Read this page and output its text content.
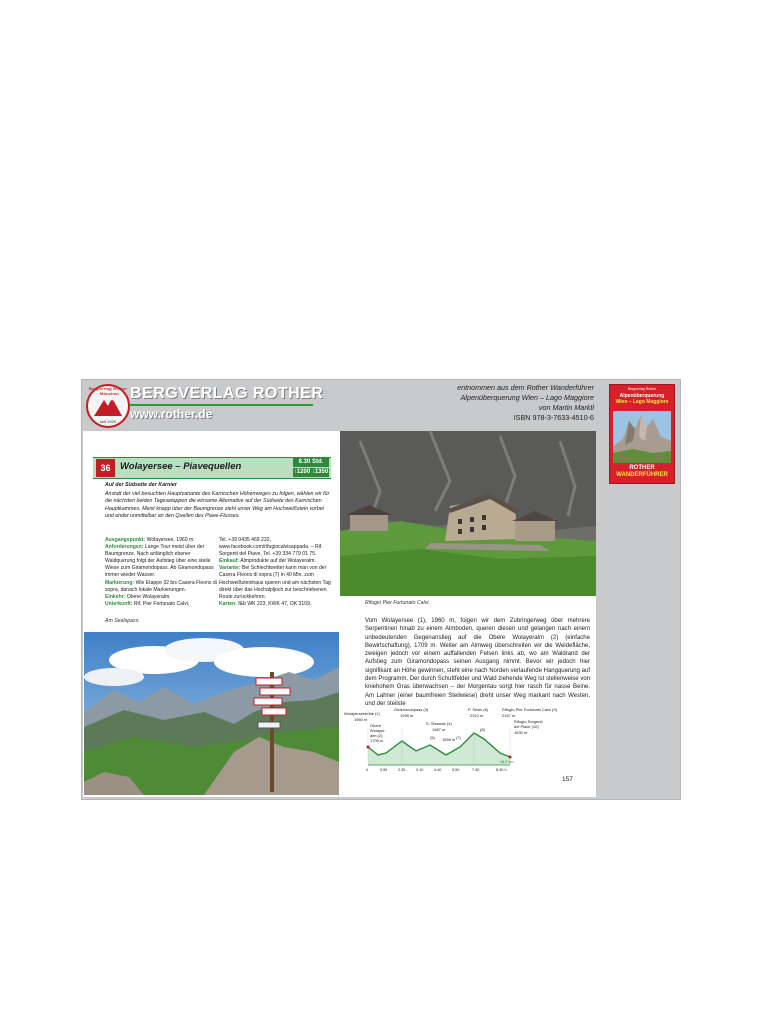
Bergverlag Rother · München
seit 1920
BERGVERLAG ROTHER
www.rother.de
entnommen aus dem Rother Wanderführer
Alpenüberquerung Wien – Lago Maggiore
von Martin Marktl
ISBN 978-3-7633-4510-6
Bergverlag Rother
Alpenüberquerung
Wien – Lago Maggiore
ROTHER
WANDERFÜHRER
36	Wolayersee – Piavequellen	8.30 Std.
↑1200 ↓1350
Auf der Südseite der Karnier
Anstatt der viel besuchten Hauptvariante des Karnischen Höhenweges zu folgen, wählen wir für die nächsten beiden Tagesetappen die einsame Alternative auf der Südseite des Karnischen Hauptkammes. Meist knapp über der Baumgrenze zieht unser Weg am Hochweißstein vorbei und endet unmittelbar an den Quellen des Piave-Flusses.
Ausgangspunkt: Wolayersee, 1960 m.
Anforderungen: Lange Tour meist über der Baumgrenze. Nach anfänglich ebener Waldquerung folgt der Aufstieg über eine steile Wiese zum Giramondopass. Ab Giramondopass immer wieder Wasser.
Markierung: Wie Etappe 32 bis Casera Fleons di sopra, danach lokale Markierungen.
Einkehr: Obere Wolayeralm.
Unterkunft: Rif. Pier Fortunato Calvi,
Tel. +39 0435 469 232, www.facebook.com/rifugiocalvisappada. – Rif. Sorgenti del Piave, Tel. +39 334 779 01 75.
Einkauf: Almprodukte auf der Wolayeralm.
Variante: Bei Schlechtwetter kann man von der Casera Fleons di sopra (7) in 40 Min. zum Hochweißsteinhaus queren und am nächsten Tag direkt über das Hochalpljoch zur beschriebenen Route zurückkehren.
Karten: f&b WK 223, KWK 47, OK 3109.
Am Sealspass.
Rifugio Pier Fortunato Calvi.
Vom Wolayersee (1), 1960 m, folgen wir dem Zubringerweg über mehrere Serpentinen hinab zu einem Almboden, queren diesen und gelangen nach einem unbedeutenden Gegenanstieg auf die Obere Wolayeralm (2) (einfache Bewirtschaftung), 1709 m. Weiter am Almweg überschreiten wir die Weidefläche, zweigen jedoch vor einem auffallenden Felsen links ab, wo am Waldrand der Aufstieg zum Giramondopass seinen Ausgang nimmt. Bevor wir jedoch hier signifikant an Höhe gewinnen, steht eine nach Norden verlaufende Hangquerung auf dem Programm. Der durch Schuttfelder und Wald ziehende Weg ist stellenweise von kniehohem Gras überwachsen – der Morgentau sorgt hier rasch für nasse Beine. Am Lahner (einer baumfreien Steilwiese) dreht unser Weg markant nach Westen, und der steilste
Wolayerseehütte (1)
1960 m
Obere
Wolayer-
alm (2)
1709 m
Giramondopass (3)
1995 m
S. Sissanis (4)
1987 m
1859 m
P. Sesis (6)
2312 m
Rifugio Pier Fortunato Calvi (9)
2167 m
Rifugio Sorgenti
del Piave (10)
1830 m
(5)	(7)
(8)
0	0.55	2.35	3.10	4.40	5.50	7.30	8.30 h
18.2 km
157
